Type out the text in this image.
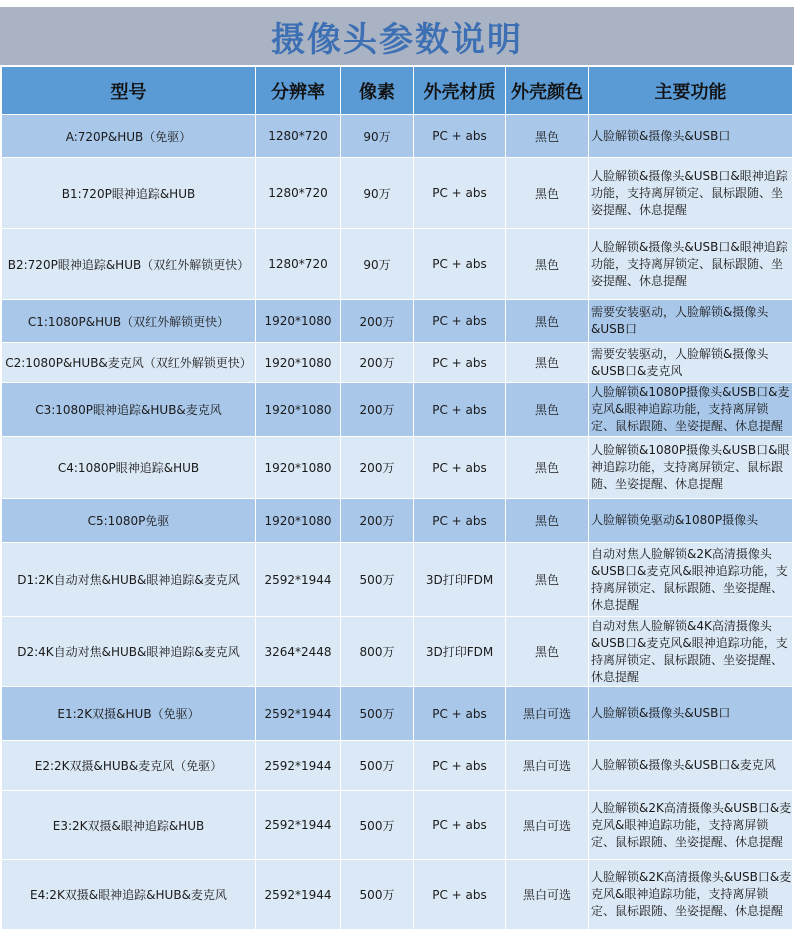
摄像头参数说明
型号	分辨率	像素	外壳材质	外壳颜色	主要功能
A:720P&HUB（免驱）	1280*720	90万	PC + abs	黑色	人脸解锁&摄像头&USB口
B1:720P眼神追踪&HUB	1280*720	90万	PC + abs	黑色	人脸解锁&摄像头&USB口&眼神追踪功能，支持离屏锁定、鼠标跟随、坐姿提醒、休息提醒
B2:720P眼神追踪&HUB（双红外解锁更快）	1280*720	90万	PC + abs	黑色	人脸解锁&摄像头&USB口&眼神追踪功能，支持离屏锁定、鼠标跟随、坐姿提醒、休息提醒
C1:1080P&HUB（双红外解锁更快）	1920*1080	200万	PC + abs	黑色	需要安装驱动，人脸解锁&摄像头&USB口
C2:1080P&HUB&麦克风（双红外解锁更快）	1920*1080	200万	PC + abs	黑色	需要安装驱动，人脸解锁&摄像头&USB口&麦克风
C3:1080P眼神追踪&HUB&麦克风	1920*1080	200万	PC + abs	黑色	人脸解锁&1080P摄像头&USB口&麦克风&眼神追踪功能，支持离屏锁定、鼠标跟随、坐姿提醒、休息提醒
C4:1080P眼神追踪&HUB	1920*1080	200万	PC + abs	黑色	人脸解锁&1080P摄像头&USB口&眼神追踪功能，支持离屏锁定、鼠标跟随、坐姿提醒、休息提醒
C5:1080P免驱	1920*1080	200万	PC + abs	黑色	人脸解锁免驱动&1080P摄像头
D1:2K自动对焦&HUB&眼神追踪&麦克风	2592*1944	500万	3D打印FDM	黑色	自动对焦人脸解锁&2K高清摄像头&USB口&麦克风&眼神追踪功能，支持离屏锁定、鼠标跟随、坐姿提醒、休息提醒
D2:4K自动对焦&HUB&眼神追踪&麦克风	3264*2448	800万	3D打印FDM	黑色	自动对焦人脸解锁&4K高清摄像头&USB口&麦克风&眼神追踪功能，支持离屏锁定、鼠标跟随、坐姿提醒、休息提醒
E1:2K双摄&HUB（免驱）	2592*1944	500万	PC + abs	黑白可选	人脸解锁&摄像头&USB口
E2:2K双摄&HUB&麦克风（免驱）	2592*1944	500万	PC + abs	黑白可选	人脸解锁&摄像头&USB口&麦克风
E3:2K双摄&眼神追踪&HUB	2592*1944	500万	PC + abs	黑白可选	人脸解锁&2K高清摄像头&USB口&麦克风&眼神追踪功能，支持离屏锁定、鼠标跟随、坐姿提醒、休息提醒
E4:2K双摄&眼神追踪&HUB&麦克风	2592*1944	500万	PC + abs	黑白可选	人脸解锁&2K高清摄像头&USB口&麦克风&眼神追踪功能，支持离屏锁定、鼠标跟随、坐姿提醒、休息提醒
